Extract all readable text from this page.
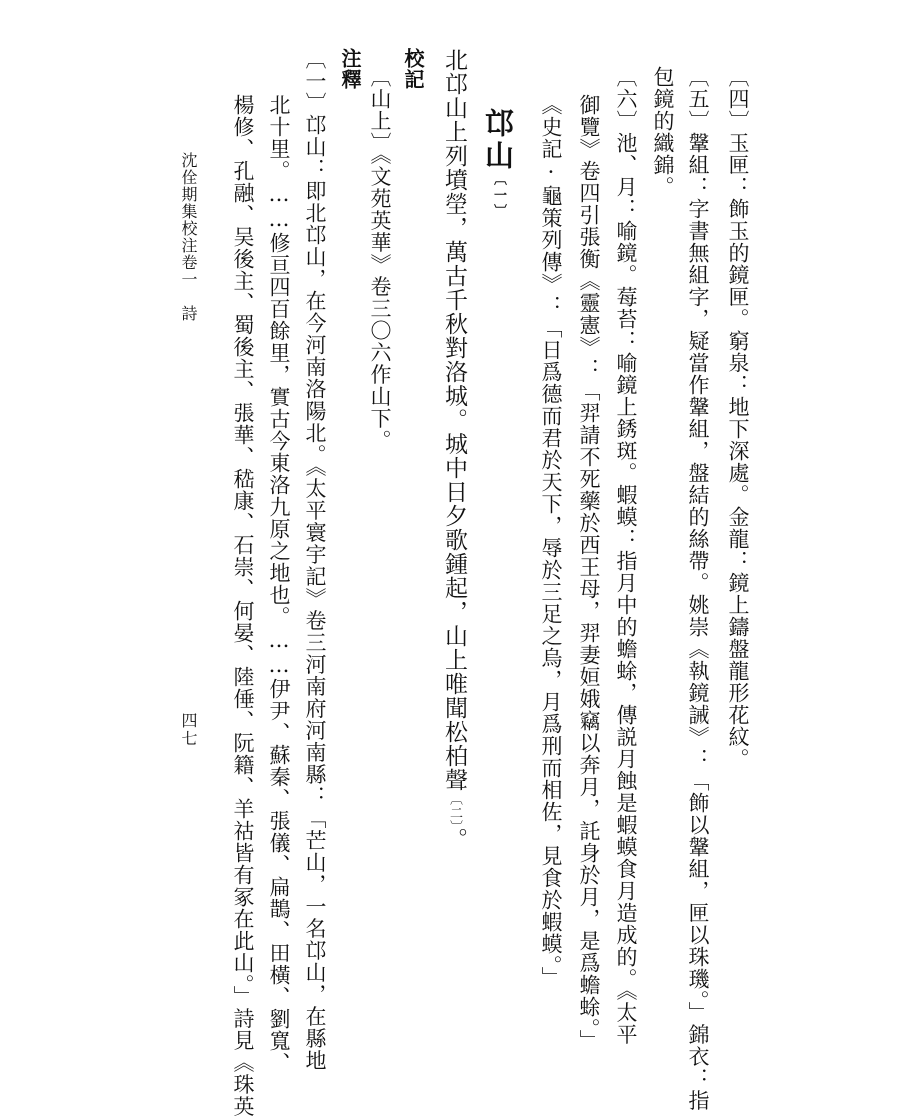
〔四〕玉匣：飾玉的鏡匣。窮泉：地下深處。金龍：鏡上鑄盤龍形花紋。
〔五〕鞶組：字書無組字，疑當作鞶組，盤結的絲帶。姚崇《執鏡誡》：「飾以鞶組，匣以珠璣。」錦衣：指
包鏡的織錦。
〔六〕池、月：喻鏡。莓苔：喻鏡上銹斑。蝦蟆：指月中的蟾蜍，傳説月蝕是蝦蟆食月造成的。《太平
御覽》卷四引張衡《靈憲》：「羿請不死藥於西王母，羿妻姮娥竊以奔月，託身於月，是爲蟾蜍。」
《史記·龜策列傳》：「日爲德而君於天下，辱於三足之烏，月爲刑而相佐，見食於蝦蟆。」
邙山〔一〕
北邙山上列墳塋，萬古千秋對洛城。城中日夕歌鍾起，山上唯聞松柏聲〔二〕。
校記
〔山上〕《文苑英華》卷三〇六作山下。
注釋
〔一〕邙山：即北邙山，在今河南洛陽北。《太平寰宇記》卷三河南府河南縣：「芒山，一名邙山，在縣地
北十里。……修亘四百餘里，實古今東洛九原之地也。……伊尹、蘇秦、張儀、扁鵲、田橫、劉寬、
楊修、孔融、吴後主、蜀後主、張華、嵇康、石崇、何晏、陸倕、阮籍、羊祜皆有冢在此山。」詩見《珠英
沈佺期集校注卷一　詩
四七
